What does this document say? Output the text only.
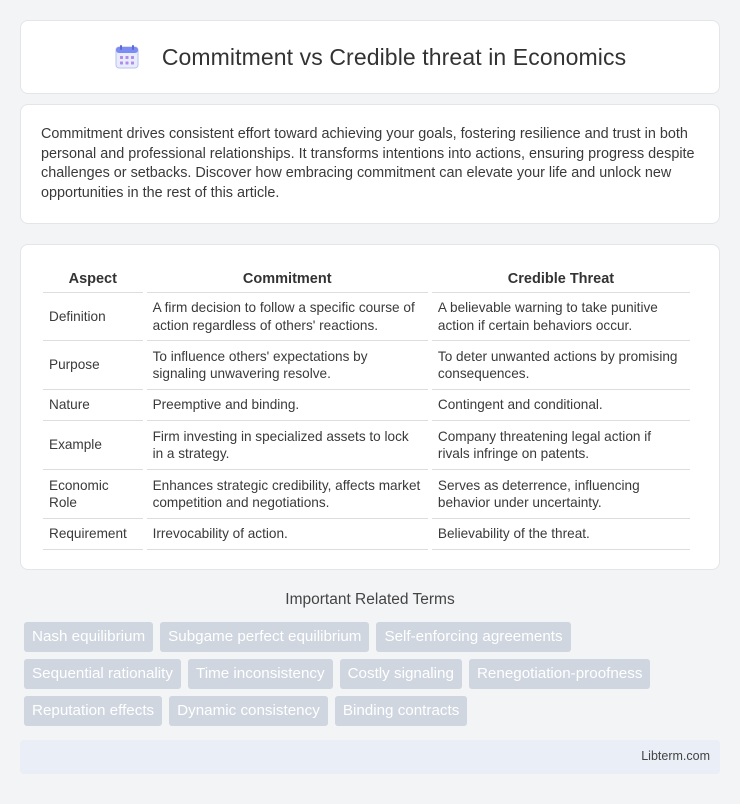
Commitment vs Credible threat in Economics

Commitment drives consistent effort toward achieving your goals, fostering resilience and trust in both personal and professional relationships. It transforms intentions into actions, ensuring progress despite challenges or setbacks. Discover how embracing commitment can elevate your life and unlock new opportunities in the rest of this article.

Aspect	Commitment	Credible Threat
Definition	A firm decision to follow a specific course of action regardless of others' reactions.	A believable warning to take punitive action if certain behaviors occur.
Purpose	To influence others' expectations by signaling unwavering resolve.	To deter unwanted actions by promising consequences.
Nature	Preemptive and binding.	Contingent and conditional.
Example	Firm investing in specialized assets to lock in a strategy.	Company threatening legal action if rivals infringe on patents.
Economic Role	Enhances strategic credibility, affects market competition and negotiations.	Serves as deterrence, influencing behavior under uncertainty.
Requirement	Irrevocability of action.	Believability of the threat.
Important Related Terms
Nash equilibrium	Subgame perfect equilibrium	Self-enforcing agreements
Sequential rationality	Time inconsistency	Costly signaling	Renegotiation-proofness
Reputation effects	Dynamic consistency	Binding contracts
Libterm.com
